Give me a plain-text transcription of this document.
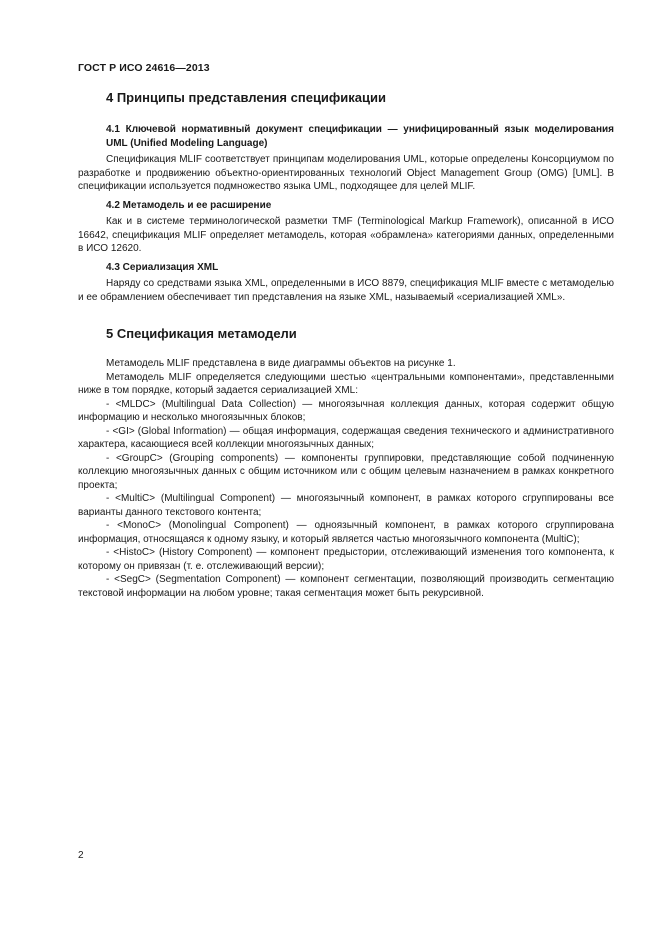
ГОСТ Р ИСО 24616—2013
4 Принципы представления спецификации
4.1 Ключевой нормативный документ спецификации — унифицированный язык моделирования UML (Unified Modeling Language)

Спецификация MLIF соответствует принципам моделирования UML, которые определены Консорциумом по разработке и продвижению объектно-ориентированных технологий Object Management Group (OMG) [UML]. В спецификации используется подмножество языка UML, подходящее для целей MLIF.

4.2 Метамодель и ее расширение

Как и в системе терминологической разметки TMF (Terminological Markup Framework), описанной в ИСО 16642, спецификация MLIF определяет метамодель, которая «обрамлена» категориями данных, определенными в ИСО 12620.

4.3 Сериализация XML

Наряду со средствами языка XML, определенными в ИСО 8879, спецификация MLIF вместе с метамоделью и ее обрамлением обеспечивает тип представления на языке XML, называемый «сериализацией XML».

5 Спецификация метамодели

Метамодель MLIF представлена в виде диаграммы объектов на рисунке 1.

Метамодель MLIF определяется следующими шестью «центральными компонентами», представленными ниже в том порядке, который задается сериализацией XML:

- <MLDC> (Multilingual Data Collection) — многоязычная коллекция данных, которая содержит общую информацию и несколько многоязычных блоков;

- <GI> (Global Information) — общая информация, содержащая сведения технического и административного характера, касающиеся всей коллекции многоязычных данных;

- <GroupC> (Grouping components) — компоненты группировки, представляющие собой подчиненную коллекцию многоязычных данных с общим источником или с общим целевым назначением в рамках конкретного проекта;

- <MultiC> (Multilingual Component) — многоязычный компонент, в рамках которого сгруппированы все варианты данного текстового контента;

- <MonoC> (Monolingual Component) — одноязычный компонент, в рамках которого сгруппирована информация, относящаяся к одному языку, и который является частью многоязычного компонента (MultiC);

- <HistoC> (History Component) — компонент предыстории, отслеживающий изменения того компонента, к которому он привязан (т. е. отслеживающий версии);

- <SegC> (Segmentation Component) — компонент сегментации, позволяющий производить сегментацию текстовой информации на любом уровне; такая сегментация может быть рекурсивной.

2
